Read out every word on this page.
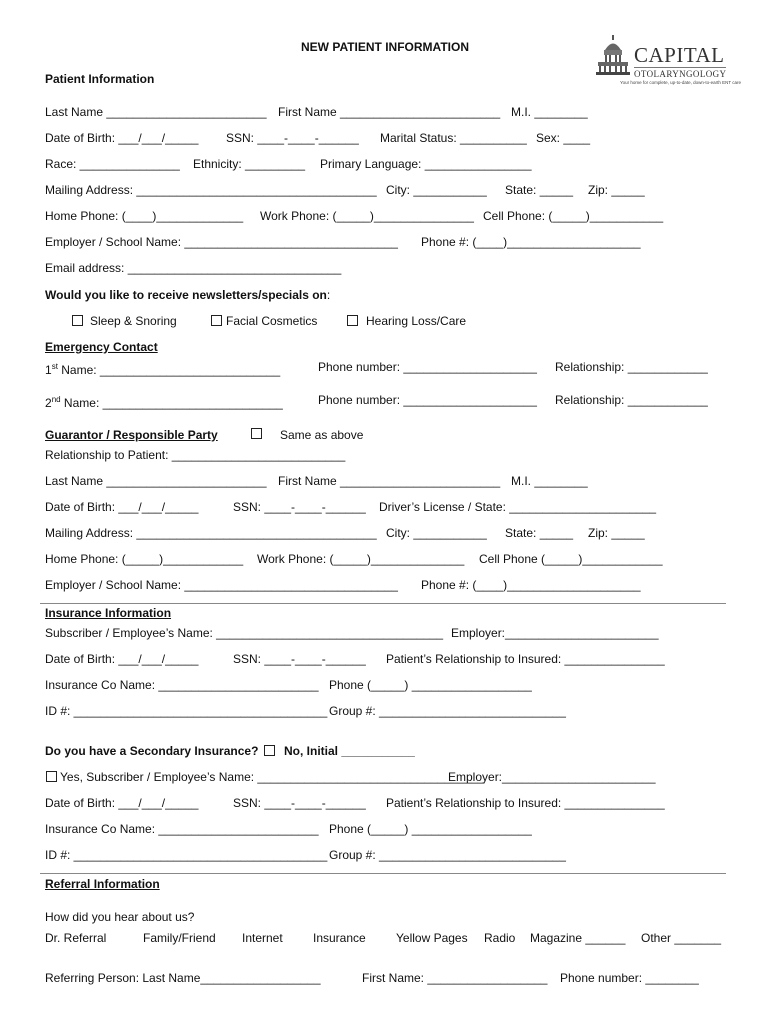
NEW PATIENT INFORMATION	CAPITAL
OTOLARYNGOLOGY
Your home for complete, up-to-date, down-to-earth ENT care
Patient Information
Last Name ________________________ First Name ________________________ M.I. ________
Date of Birth: ___/___/_____ SSN: ____-____-______ Marital Status: __________ Sex: ____
Race: _______________ Ethnicity: _________ Primary Language: ________________
Mailing Address: ____________________________________ City: ___________ State: _____ Zip: _____
Home Phone: (____)_____________ Work Phone: (_____)_______________ Cell Phone: (_____)___________
Employer / School Name: ________________________________ Phone #: (____)____________________
Email address: ________________________________
Would you like to receive newsletters/specials on:
Sleep & Snoring	Facial Cosmetics	Hearing Loss/Care
Emergency Contact
1st Name: ___________________________	Phone number: ____________________ Relationship: ____________
2nd Name: ___________________________	Phone number: ____________________ Relationship: ____________
Guarantor / Responsible Party	Same as above
Relationship to Patient: __________________________
Last Name ________________________ First Name ________________________ M.I. ________
Date of Birth: ___/___/_____	SSN: ____-____-______ Driver’s License / State: ______________________
Mailing Address: ____________________________________ City: ___________ State: _____ Zip: _____
Home Phone: (_____)____________ Work Phone: (_____)______________ Cell Phone (_____)____________
Employer / School Name: ________________________________ Phone #: (____)____________________
Insurance Information
Subscriber / Employee’s Name: __________________________________ Employer:_______________________
Date of Birth: ___/___/_____	SSN: ____-____-______ Patient’s Relationship to Insured: _______________
Insurance Co Name: ________________________ Phone (_____) __________________
ID #: ______________________________________ Group #: ____________________________
Do you have a Secondary Insurance? No, Initial ___________
Yes, Subscriber / Employee’s Name: __________________________________
Employer:_______________________
Date of Birth: ___/___/_____	SSN: ____-____-______ Patient’s Relationship to Insured: _______________
Insurance Co Name: ________________________ Phone (_____) __________________
ID #: ______________________________________ Group #: ____________________________
Referral Information
How did you hear about us?
Dr. Referral	Family/Friend Internet	Insurance	Yellow Pages Radio Magazine ______ Other _______
Referring Person: Last Name__________________	First Name: __________________ Phone number: ________
